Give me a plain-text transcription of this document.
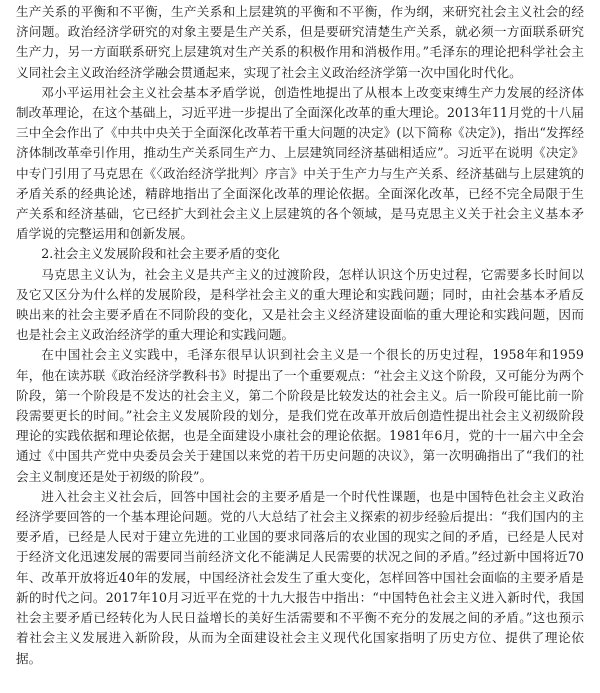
生产关系的平衡和不平衡，生产关系和上层建筑的平衡和不平衡，作为纲，来研究社会主义社会的经济问题。政治经济学研究的对象主要是生产关系，但是要研究清楚生产关系，就必须一方面联系研究生产力，另一方面联系研究上层建筑对生产关系的积极作用和消极作用。”毛泽东的理论把科学社会主义同社会主义政治经济学融会贯通起来，实现了社会主义政治经济学第一次中国化时代化。

邓小平运用社会主义社会基本矛盾学说，创造性地提出了从根本上改变束缚生产力发展的经济体制改革理论，在这个基础上，习近平进一步提出了全面深化改革的重大理论。2013年11月党的十八届三中全会作出了《中共中央关于全面深化改革若干重大问题的决定》(以下简称《决定》)，指出“发挥经济体制改革牵引作用，推动生产关系同生产力、上层建筑同经济基础相适应”。习近平在说明《决定》中专门引用了马克思在《〈政治经济学批判〉序言》中关于生产力与生产关系、经济基础与上层建筑的矛盾关系的经典论述，精辟地指出了全面深化改革的理论依据。全面深化改革，已经不完全局限于生产关系和经济基础，它已经扩大到社会主义上层建筑的各个领域，是马克思主义关于社会主义基本矛盾学说的完整运用和创新发展。

2.社会主义发展阶段和社会主要矛盾的变化

马克思主义认为，社会主义是共产主义的过渡阶段，怎样认识这个历史过程，它需要多长时间以及它又区分为什么样的发展阶段，是科学社会主义的重大理论和实践问题；同时，由社会基本矛盾反映出来的社会主要矛盾在不同阶段的变化，又是社会主义经济建设面临的重大理论和实践问题，因而也是社会主义政治经济学的重大理论和实践问题。

在中国社会主义实践中，毛泽东很早认识到社会主义是一个很长的历史过程，1958年和1959年，他在读苏联《政治经济学教科书》时提出了一个重要观点：“社会主义这个阶段，又可能分为两个阶段，第一个阶段是不发达的社会主义，第二个阶段是比较发达的社会主义。后一阶段可能比前一阶段需要更长的时间。”社会主义发展阶段的划分，是我们党在改革开放后创造性提出社会主义初级阶段理论的实践依据和理论依据，也是全面建设小康社会的理论依据。1981年6月，党的十一届六中全会通过《中国共产党中央委员会关于建国以来党的若干历史问题的决议》，第一次明确指出了“我们的社会主义制度还是处于初级的阶段”。

进入社会主义社会后，回答中国社会的主要矛盾是一个时代性课题，也是中国特色社会主义政治经济学要回答的一个基本理论问题。党的八大总结了社会主义探索的初步经验后提出：“我们国内的主要矛盾，已经是人民对于建立先进的工业国的要求同落后的农业国的现实之间的矛盾，已经是人民对于经济文化迅速发展的需要同当前经济文化不能满足人民需要的状况之间的矛盾。”经过新中国将近70年、改革开放将近40年的发展，中国经济社会发生了重大变化，怎样回答中国社会面临的主要矛盾是新的时代之问。2017年10月习近平在党的十九大报告中指出：“中国特色社会主义进入新时代，我国社会主要矛盾已经转化为人民日益增长的美好生活需要和不平衡不充分的发展之间的矛盾。”这也预示着社会主义发展进入新阶段，从而为全面建设社会主义现代化国家指明了历史方位、提供了理论依据。
